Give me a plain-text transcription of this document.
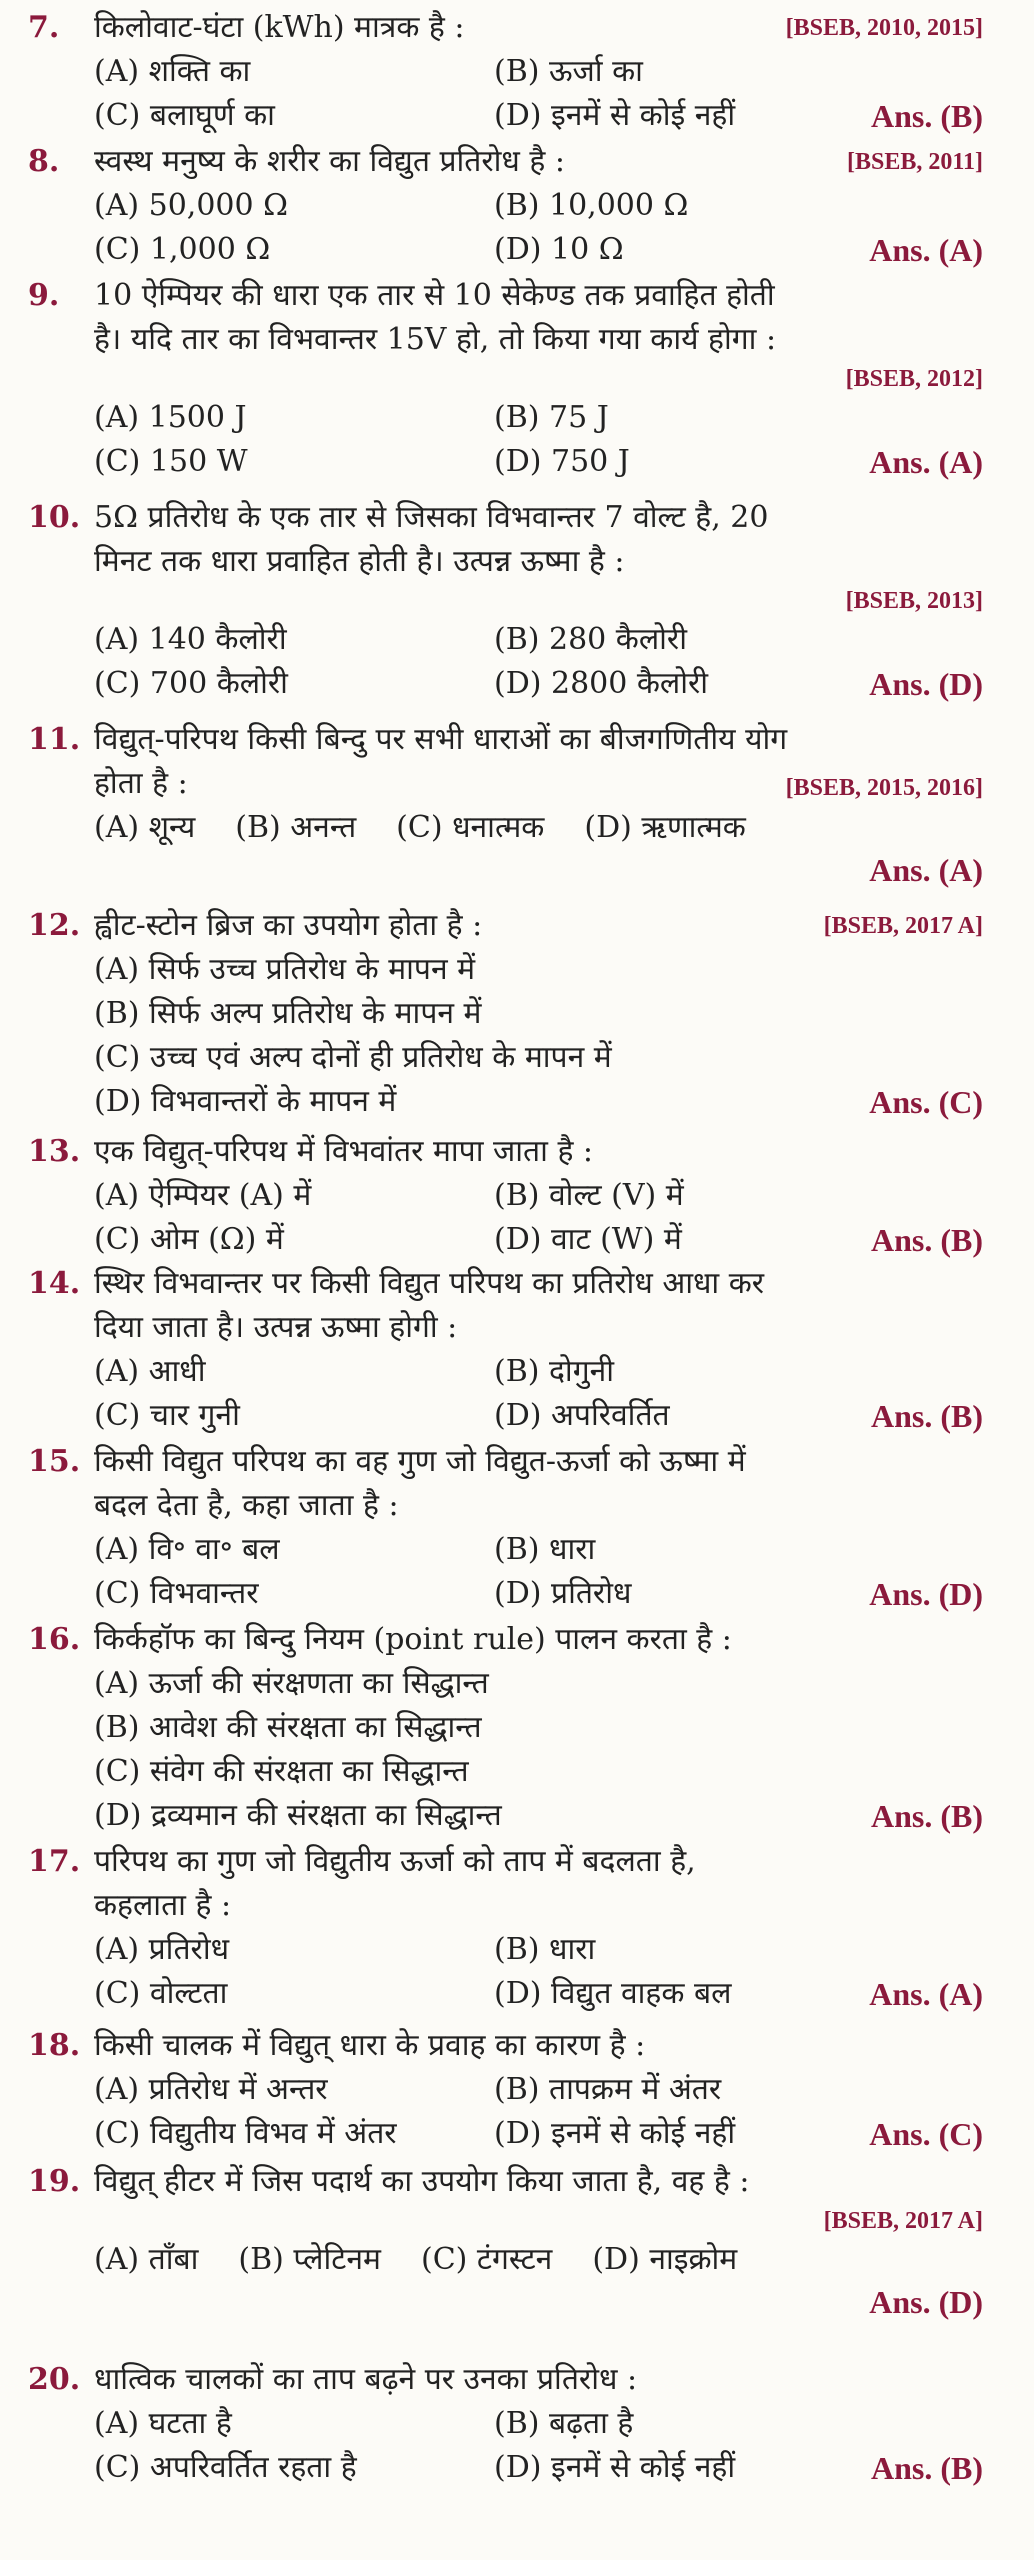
7.	किलोवाट-घंटा (kWh) मात्रक है :	[BSEB, 2010, 2015]
(A) शक्ति का	(B) ऊर्जा का
(C) बलाघूर्ण का	(D) इनमें से कोई नहीं	Ans. (B)
8.	स्वस्थ मनुष्य के शरीर का विद्युत प्रतिरोध है :	[BSEB, 2011]
(A) 50,000 Ω	(B) 10,000 Ω
(C) 1,000 Ω	(D) 10 Ω	Ans. (A)
9.	10 ऐम्पियर की धारा एक तार से 10 सेकेण्ड तक प्रवाहित होती
है। यदि तार का विभवान्तर 15V हो, तो किया गया कार्य होगा :
[BSEB, 2012]
(A) 1500 J	(B) 75 J
(C) 150 W	(D) 750 J	Ans. (A)
10. 5Ω प्रतिरोध के एक तार से जिसका विभवान्तर 7 वोल्ट है, 20
मिनट तक धारा प्रवाहित होती है। उत्पन्न ऊष्मा है :
[BSEB, 2013]
(A) 140 कैलोरी	(B) 280 कैलोरी
(C) 700 कैलोरी	(D) 2800 कैलोरी	Ans. (D)
11. विद्युत्-परिपथ किसी बिन्दु पर सभी धाराओं का बीजगणितीय योग
होता है :	[BSEB, 2015, 2016]
(A) शून्य (B) अनन्त (C) धनात्मक (D) ऋणात्मक
Ans. (A)
12. ह्वीट-स्टोन ब्रिज का उपयोग होता है :	[BSEB, 2017 A]
(A) सिर्फ उच्च प्रतिरोध के मापन में
(B) सिर्फ अल्प प्रतिरोध के मापन में
(C) उच्च एवं अल्प दोनों ही प्रतिरोध के मापन में
(D) विभवान्तरों के मापन में	Ans. (C)
13. एक विद्युत्-परिपथ में विभवांतर मापा जाता है :
(A) ऐम्पियर (A) में	(B) वोल्ट (V) में
(C) ओम (Ω) में	(D) वाट (W) में	Ans. (B)
14. स्थिर विभवान्तर पर किसी विद्युत परिपथ का प्रतिरोध आधा कर
दिया जाता है। उत्पन्न ऊष्मा होगी :
(A) आधी	(B) दोगुनी
(C) चार गुनी	(D) अपरिवर्तित	Ans. (B)
15. किसी विद्युत परिपथ का वह गुण जो विद्युत-ऊर्जा को ऊष्मा में
बदल देता है, कहा जाता है :
(A) वि॰ वा॰ बल	(B) धारा
(C) विभवान्तर	(D) प्रतिरोध	Ans. (D)
16. किर्कहॉफ का बिन्दु नियम (point rule) पालन करता है :
(A) ऊर्जा की संरक्षणता का सिद्धान्त
(B) आवेश की संरक्षता का सिद्धान्त
(C) संवेग की संरक्षता का सिद्धान्त
(D) द्रव्यमान की संरक्षता का सिद्धान्त	Ans. (B)
17. परिपथ का गुण जो विद्युतीय ऊर्जा को ताप में बदलता है,
कहलाता है :
(A) प्रतिरोध	(B) धारा
(C) वोल्टता	(D) विद्युत वाहक बल	Ans. (A)
18. किसी चालक में विद्युत् धारा के प्रवाह का कारण है :
(A) प्रतिरोध में अन्तर	(B) तापक्रम में अंतर
(C) विद्युतीय विभव में अंतर	(D) इनमें से कोई नहीं	Ans. (C)
19. विद्युत् हीटर में जिस पदार्थ का उपयोग किया जाता है, वह है :
[BSEB, 2017 A]
(A) ताँबा (B) प्लेटिनम (C) टंगस्टन (D) नाइक्रोम
Ans. (D)
20. धात्विक चालकों का ताप बढ़ने पर उनका प्रतिरोध :
(A) घटता है	(B) बढ़ता है
(C) अपरिवर्तित रहता है	(D) इनमें से कोई नहीं	Ans. (B)
